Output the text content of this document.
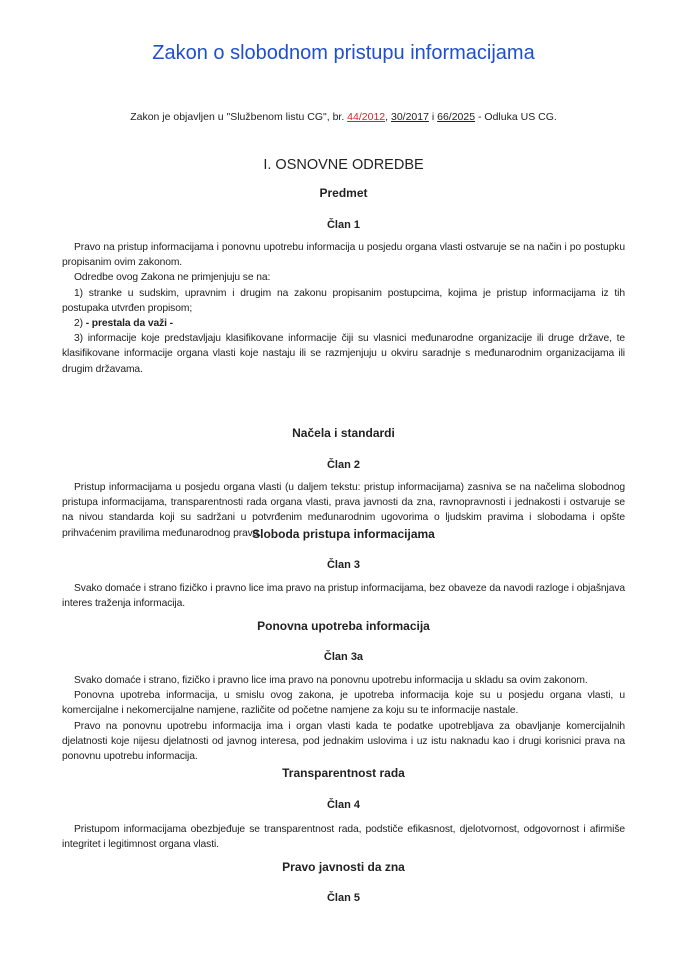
Zakon o slobodnom pristupu informacijama
Zakon je objavljen u "Službenom listu CG", br. 44/2012, 30/2017 i 66/2025 - Odluka US CG.
I. OSNOVNE ODREDBE
Predmet
Član 1
Pravo na pristup informacijama i ponovnu upotrebu informacija u posjedu organa vlasti ostvaruje se na način i po postupku propisanim ovim zakonom.
Odredbe ovog Zakona ne primjenjuju se na:
1) stranke u sudskim, upravnim i drugim na zakonu propisanim postupcima, kojima je pristup informacijama iz tih postupaka utvrđen propisom;
2) - prestala da važi -
3) informacije koje predstavljaju klasifikovane informacije čiji su vlasnici međunarodne organizacije ili druge države, te klasifikovane informacije organa vlasti koje nastaju ili se razmjenjuju u okviru saradnje s međunarodnim organizacijama ili drugim državama.
Načela i standardi
Član 2
Pristup informacijama u posjedu organa vlasti (u daljem tekstu: pristup informacijama) zasniva se na načelima slobodnog pristupa informacijama, transparentnosti rada organa vlasti, prava javnosti da zna, ravnopravnosti i jednakosti i ostvaruje se na nivou standarda koji su sadržani u potvrđenim međunarodnim ugovorima o ljudskim pravima i slobodama i opšte prihvaćenim pravilima međunarodnog prava.
Sloboda pristupa informacijama
Član 3
Svako domaće i strano fizičko i pravno lice ima pravo na pristup informacijama, bez obaveze da navodi razloge i objašnjava interes traženja informacija.
Ponovna upotreba informacija
Član 3a
Svako domaće i strano, fizičko i pravno lice ima pravo na ponovnu upotrebu informacija u skladu sa ovim zakonom.
Ponovna upotreba informacija, u smislu ovog zakona, je upotreba informacija koje su u posjedu organa vlasti, u komercijalne i nekomercijalne namjene, različite od početne namjene za koju su te informacije nastale.
Pravo na ponovnu upotrebu informacija ima i organ vlasti kada te podatke upotrebljava za obavljanje komercijalnih djelatnosti koje nijesu djelatnosti od javnog interesa, pod jednakim uslovima i uz istu naknadu kao i drugi korisnici prava na ponovnu upotrebu informacija.
Transparentnost rada
Član 4
Pristupom informacijama obezbjeđuje se transparentnost rada, podstiče efikasnost, djelotvornost, odgovornost i afirmiše integritet i legitimnost organa vlasti.
Pravo javnosti da zna
Član 5
